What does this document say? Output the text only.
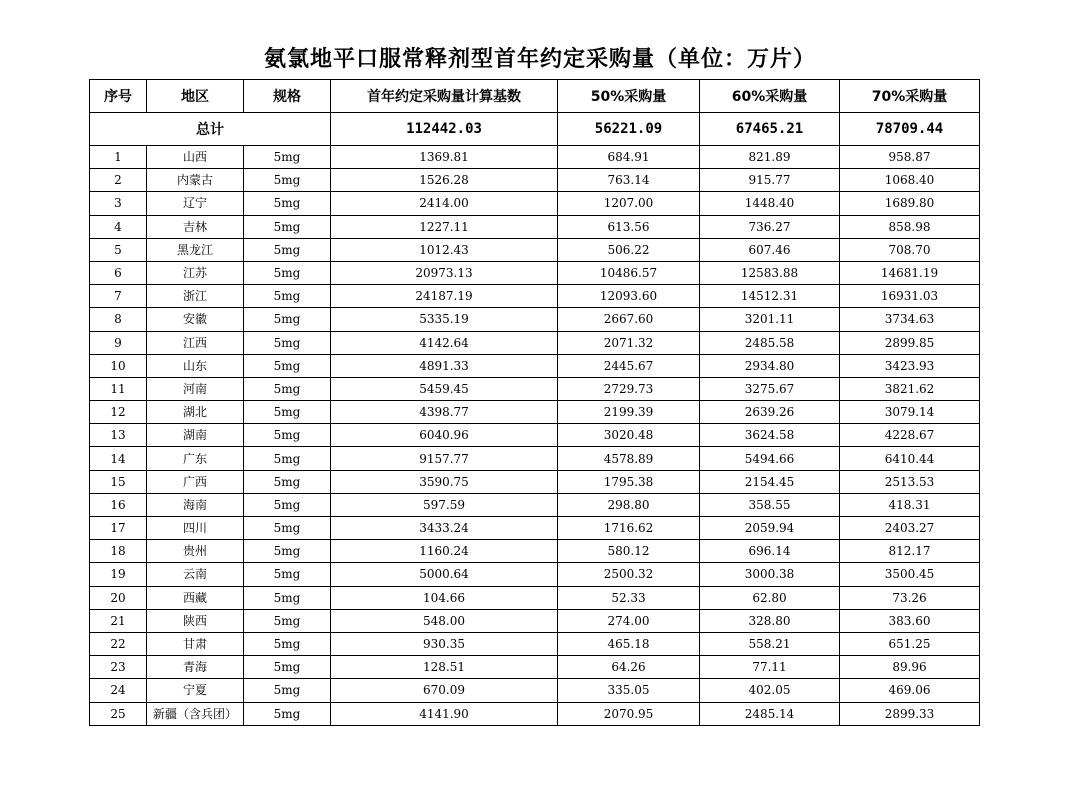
氨氯地平口服常释剂型首年约定采购量（单位：万片）
序号	地区	规格	首年约定采购量计算基数	50%采购量	60%采购量	70%采购量
总计			112442.03	56221.09	67465.21	78709.44
1	山西	5mg	1369.81	684.91	821.89	958.87
2	内蒙古	5mg	1526.28	763.14	915.77	1068.40
3	辽宁	5mg	2414.00	1207.00	1448.40	1689.80
4	吉林	5mg	1227.11	613.56	736.27	858.98
5	黑龙江	5mg	1012.43	506.22	607.46	708.70
6	江苏	5mg	20973.13	10486.57	12583.88	14681.19
7	浙江	5mg	24187.19	12093.60	14512.31	16931.03
8	安徽	5mg	5335.19	2667.60	3201.11	3734.63
9	江西	5mg	4142.64	2071.32	2485.58	2899.85
10	山东	5mg	4891.33	2445.67	2934.80	3423.93
11	河南	5mg	5459.45	2729.73	3275.67	3821.62
12	湖北	5mg	4398.77	2199.39	2639.26	3079.14
13	湖南	5mg	6040.96	3020.48	3624.58	4228.67
14	广东	5mg	9157.77	4578.89	5494.66	6410.44
15	广西	5mg	3590.75	1795.38	2154.45	2513.53
16	海南	5mg	597.59	298.80	358.55	418.31
17	四川	5mg	3433.24	1716.62	2059.94	2403.27
18	贵州	5mg	1160.24	580.12	696.14	812.17
19	云南	5mg	5000.64	2500.32	3000.38	3500.45
20	西藏	5mg	104.66	52.33	62.80	73.26
21	陕西	5mg	548.00	274.00	328.80	383.60
22	甘肃	5mg	930.35	465.18	558.21	651.25
23	青海	5mg	128.51	64.26	77.11	89.96
24	宁夏	5mg	670.09	335.05	402.05	469.06
25	新疆（含兵团）	5mg	4141.90	2070.95	2485.14	2899.33
